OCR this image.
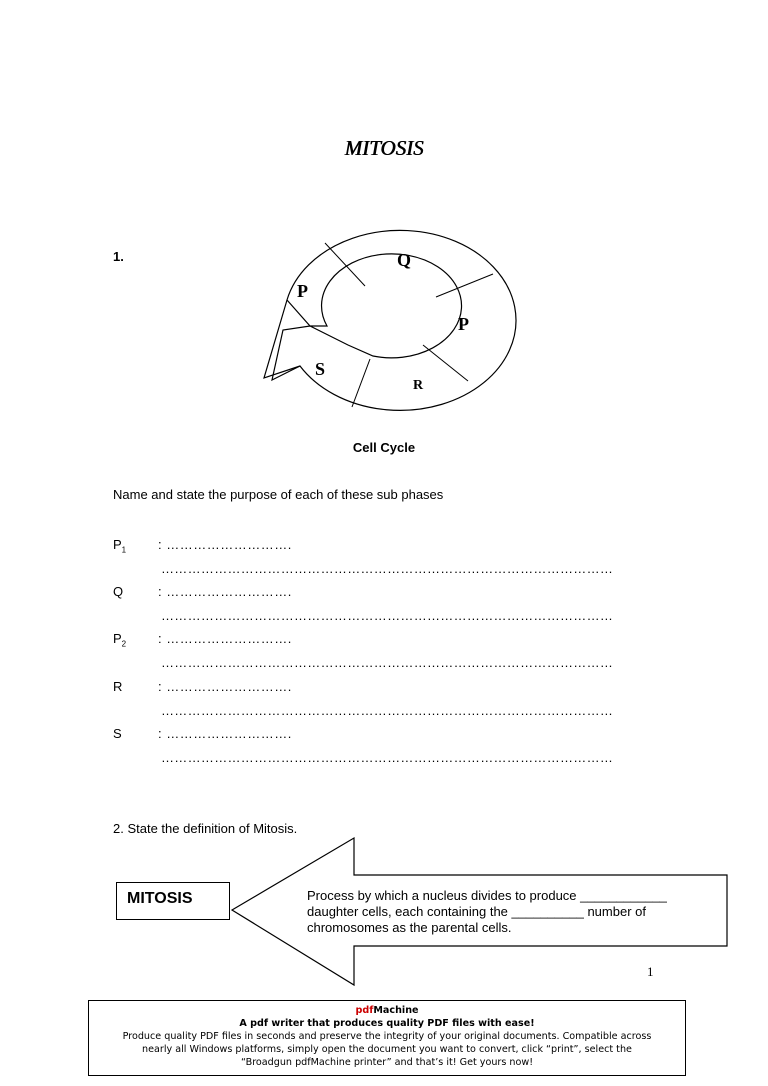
MITOSIS
1.
P
Q
P
R
S
Cell Cycle
Name and state the purpose of each of these sub phases
$P_1$ : ……………………….
…………………………………………………………………………………………
Q	: ……………………….
…………………………………………………………………………………………
$P_2$ : ……………………….
…………………………………………………………………………………………
R	: ……………………….
…………………………………………………………………………………………
S	: ……………………….
…………………………………………………………………………………………
2. State the definition of Mitosis.
MITOSIS	Process by which a nucleus divides to produce ____________
daughter cells, each containing the __________ number of
chromosomes as the parental cells.
1
pdfMachine
A pdf writer that produces quality PDF files with ease!
Produce quality PDF files in seconds and preserve the integrity of your original documents. Compatible across
nearly all Windows platforms, simply open the document you want to convert, click “print”, select the
“Broadgun pdfMachine printer” and that’s it! Get yours now!
